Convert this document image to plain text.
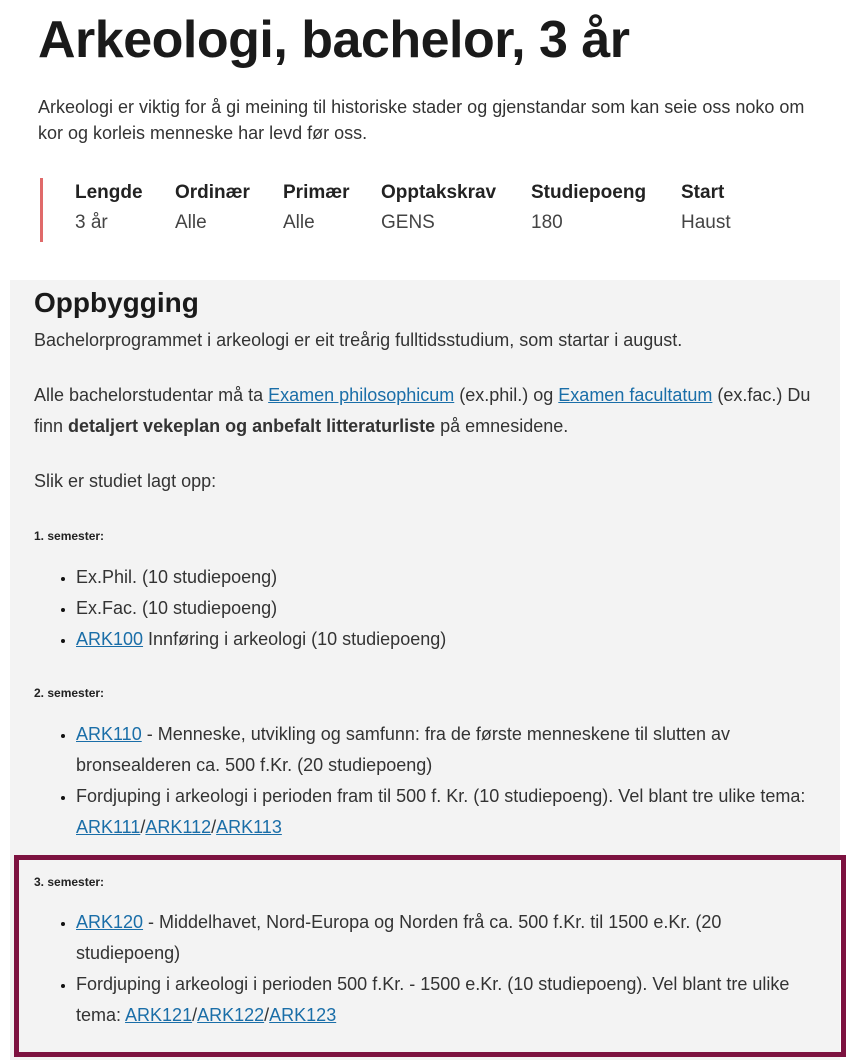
Arkeologi, bachelor, 3 år

Arkeologi er viktig for å gi meining til historiske stader og gjenstandar som kan seie oss noko om kor og korleis menneske har levd før oss.

Lengde
3 år
Ordinær
Alle
Primær
Alle
Opptakskrav
GENS
Studiepoeng
180
Start
Haust
Oppbygging

Bachelorprogrammet i arkeologi er eit treårig fulltidsstudium, som startar i august.

Alle bachelorstudentar må ta Examen philosophicum (ex.phil.) og Examen facultatum (ex.fac.) Du finn detaljert vekeplan og anbefalt litteraturliste på emnesidene.

Slik er studiet lagt opp:

1. semester:
• Ex.Phil. (10 studiepoeng)
• Ex.Fac. (10 studiepoeng)
• ARK100 Innføring i arkeologi (10 studiepoeng)
2. semester:
• ARK110 - Menneske, utvikling og samfunn: fra de første menneskene til slutten av bronsealderen ca. 500 f.Kr. (20 studiepoeng)
• Fordjuping i arkeologi i perioden fram til 500 f. Kr. (10 studiepoeng). Vel blant tre ulike tema: ARK111/ARK112/ARK113
3. semester:
• ARK120 - Middelhavet, Nord-Europa og Norden frå ca. 500 f.Kr. til 1500 e.Kr. (20 studiepoeng)
• Fordjuping i arkeologi i perioden 500 f.Kr. - 1500 e.Kr. (10 studiepoeng). Vel blant tre ulike tema: ARK121/ARK122/ARK123
